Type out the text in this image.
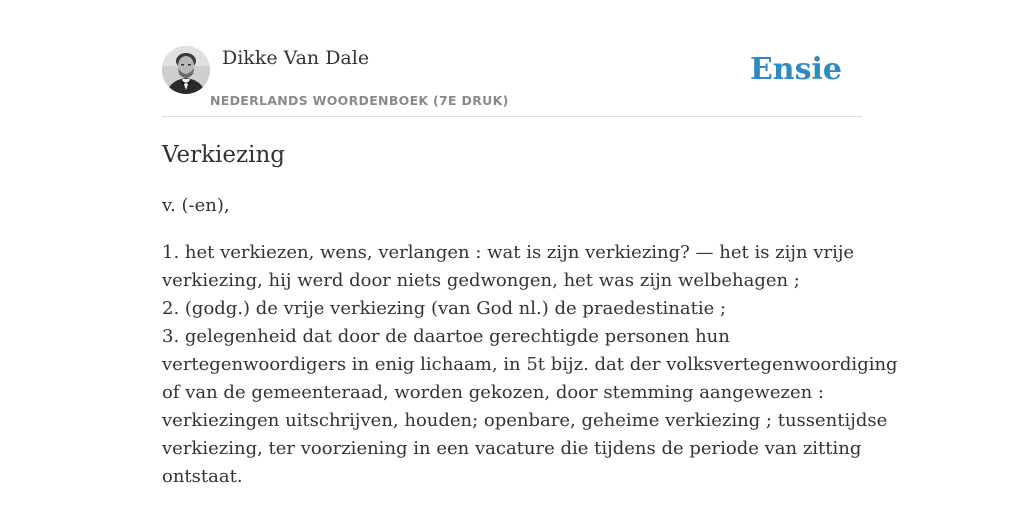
Dikke Van Dale
NEDERLANDS WOORDENBOEK (7E DRUK)
Ensie
Verkiezing

v. (-en),

1. het verkiezen, wens, verlangen : wat is zijn verkiezing? — het is zijn vrije
verkiezing, hij werd door niets gedwongen, het was zijn welbehagen ;
2. (godg.) de vrije verkiezing (van God nl.) de praedestinatie ;
3. gelegenheid dat door de daartoe gerechtigde personen hun
vertegenwoordigers in enig lichaam, in 5t bijz. dat der volksvertegenwoordiging
of van de gemeenteraad, worden gekozen, door stemming aangewezen :
verkiezingen uitschrijven, houden; openbare, geheime verkiezing ; tussentijdse
verkiezing, ter voorziening in een vacature die tijdens de periode van zitting
ontstaat.
